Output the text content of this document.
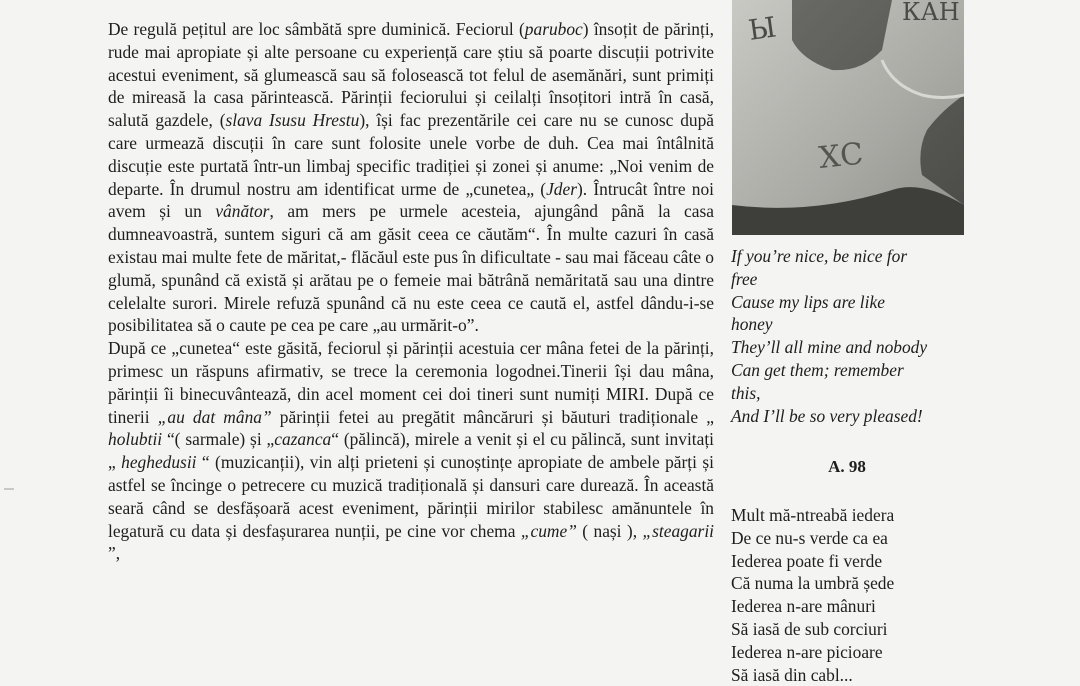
Ы	КАН
ХС

De regulă pețitul are loc sâmbătă spre duminică. Feciorul (paruboc) însoțit de părinți, rude mai apropiate și alte persoane cu experiență care știu să poarte discuții potrivite acestui eveniment, să glumească sau să folosească tot felul de asemănări, sunt primiți de mireasă la casa părintească. Părinții feciorului și ceilalți însoțitori intră în casă, salută gazdele, (slava Isusu Hrestu), își fac prezentările cei care nu se cunosc după care urmează discuții în care sunt folosite unele vorbe de duh. Cea mai întâlnită discuție este purtată într-un limbaj specific tradiției și zonei și anume: „Noi venim de departe. În drumul nostru am identificat urme de „cunetea„ (Jder). Întrucât între noi avem și un vânător, am mers pe urmele acesteia, ajungând până la casa dumneavoastră, suntem siguri că am găsit ceea ce căutăm“. În multe cazuri în casă existau mai multe fete de măritat,- flăcăul este pus în dificultate - sau mai făceau câte o glumă, spunând că există și arătau pe o femeie mai bătrână nemăritată sau una dintre celelalte surori. Mirele refuză spunând că nu este ceea ce caută el, astfel dându-i-se posibilitatea să o caute pe cea pe care „au urmărit-o”.

După ce „cunetea“ este găsită, feciorul și părinții acestuia cer mâna fetei de la părinți, primesc un răspuns afirmativ, se trece la ceremonia logodnei.Tinerii își dau mâna, părinții îi binecuvântează, din acel moment cei doi tineri sunt numiți MIRI. După ce tinerii „au dat mâna” părinții fetei au pregătit mâncăruri și băuturi tradiționale „ holubtii “( sarmale) și „cazanca“ (pălincă), mirele a venit și el cu pălincă, sunt invitați „ heghedusii “ (muzicanții), vin alți prieteni și cunoștințe apropiate de ambele părți și astfel se încinge o petrecere cu muzică tradițională și dansuri care durează. În această seară când se desfășoară acest eveniment, părinții mirilor stabilesc amănuntele în legatură cu data și desfașurarea nunții, pe cine vor chema „cume” ( nași ), „steagarii ”,

If you’re nice, be nice for
free
Cause my lips are like
honey
They’ll all mine and nobody
Can get them; remember
this,
And I’ll be so very pleased!
A. 98
Mult mă-ntreabă iedera
De ce nu-s verde ca ea
Iederea poate fi verde
Că numa la umbră șede
Iederea n-are mânuri
Să iasă de sub corciuri
Iederea n-are picioare
Să iasă din cabl...
